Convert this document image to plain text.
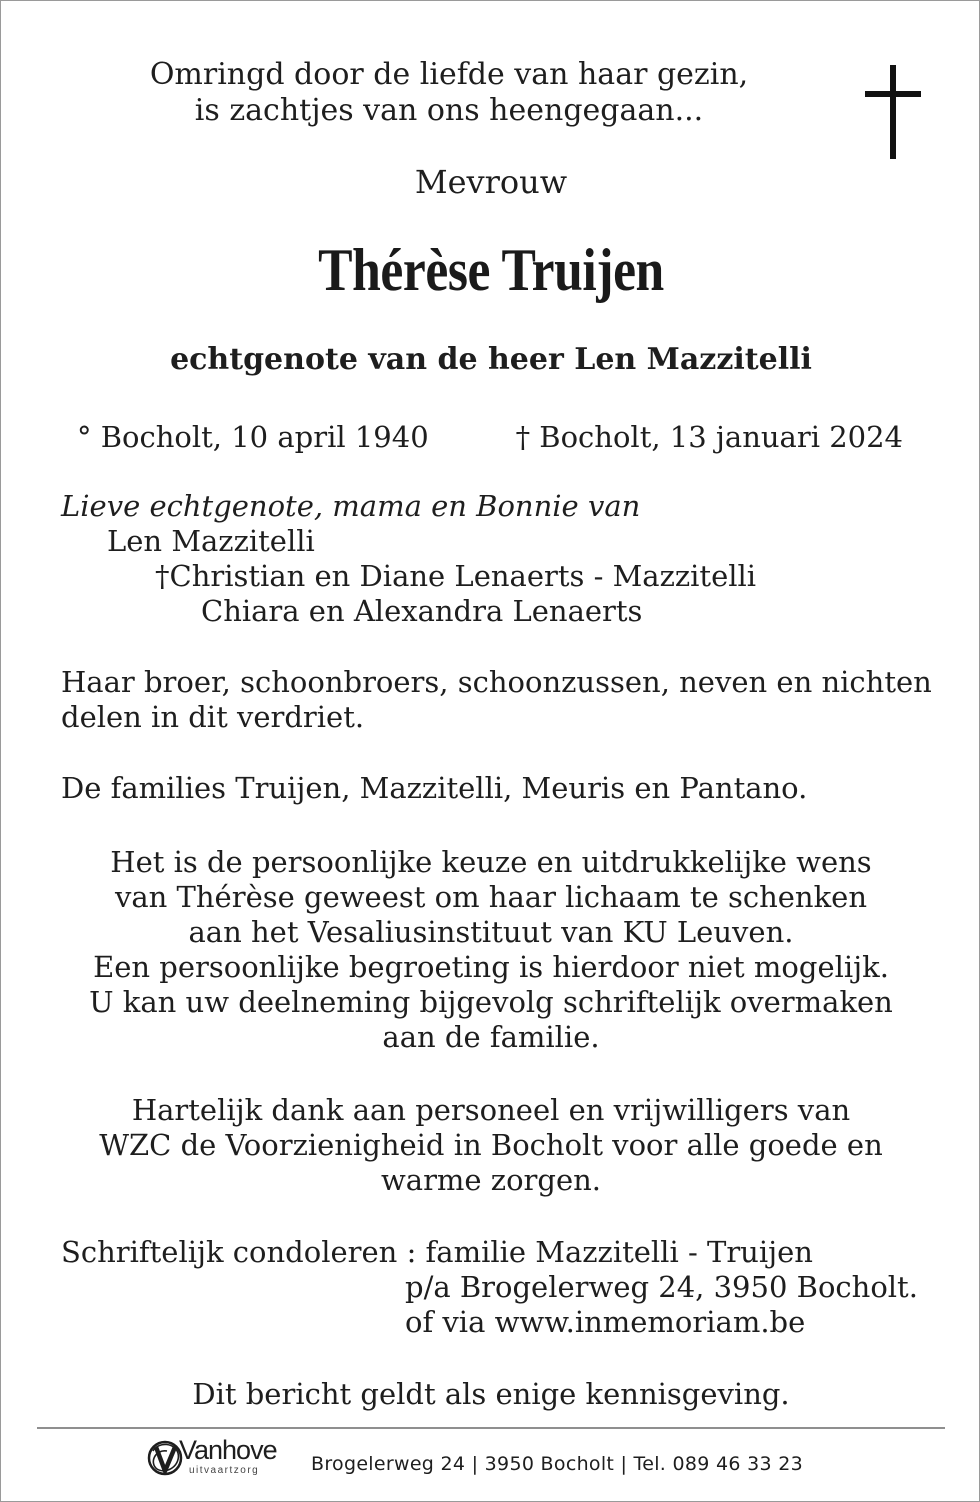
Omringd door de liefde van haar gezin,
is zachtjes van ons heengegaan...
Mevrouw
Thérèse Truijen
echtgenote van de heer Len Mazzitelli
° Bocholt, 10 april 1940	† Bocholt, 13 januari 2024
Lieve echtgenote, mama en Bonnie van
Len Mazzitelli
†Christian en Diane Lenaerts - Mazzitelli
Chiara en Alexandra Lenaerts
Haar broer, schoonbroers, schoonzussen, neven en nichten
delen in dit verdriet.
De families Truijen, Mazzitelli, Meuris en Pantano.
Het is de persoonlijke keuze en uitdrukkelijke wens
van Thérèse geweest om haar lichaam te schenken
aan het Vesaliusinstituut van KU Leuven.
Een persoonlijke begroeting is hierdoor niet mogelijk.
U kan uw deelneming bijgevolg schriftelijk overmaken
aan de familie.
Hartelijk dank aan personeel en vrijwilligers van
WZC de Voorzienigheid in Bocholt voor alle goede en
warme zorgen.
Schriftelijk condoleren : familie Mazzitelli - Truijen
p/a Brogelerweg 24, 3950 Bocholt.
of via www.inmemoriam.be
Dit bericht geldt als enige kennisgeving.
Vanhove
uitvaartzorg	Brogelerweg 24 | 3950 Bocholt | Tel. 089 46 33 23
